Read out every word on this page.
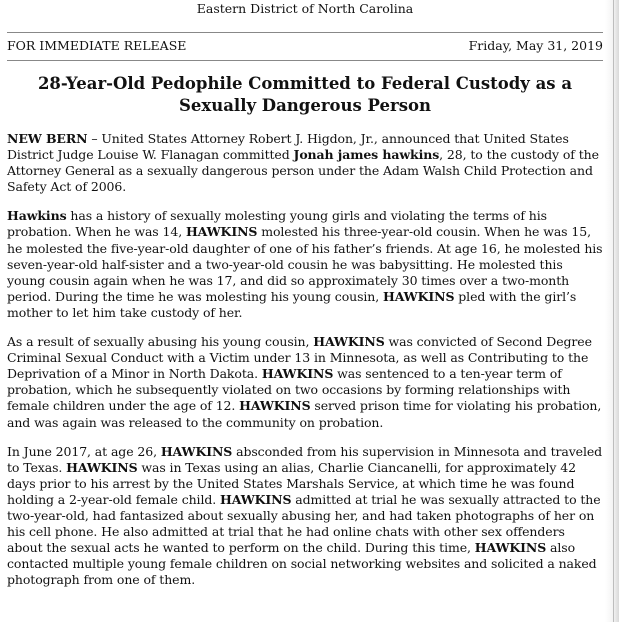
Eastern District of North Carolina
FOR IMMEDIATE RELEASE	Friday, May 31, 2019
28-Year-Old Pedophile Committed to Federal Custody as a Sexually Dangerous Person
NEW BERN – United States Attorney Robert J. Higdon, Jr., announced that United States District Judge Louise W. Flanagan committed Jonah james hawkins, 28, to the custody of the Attorney General as a sexually dangerous person under the Adam Walsh Child Protection and Safety Act of 2006.
Hawkins has a history of sexually molesting young girls and violating the terms of his probation. When he was 14, HAWKINS molested his three-year-old cousin. When he was 15, he molested the five-year-old daughter of one of his father’s friends. At age 16, he molested his seven-year-old half-sister and a two-year-old cousin he was babysitting. He molested this young cousin again when he was 17, and did so approximately 30 times over a two-month period. During the time he was molesting his young cousin, HAWKINS pled with the girl’s mother to let him take custody of her.
As a result of sexually abusing his young cousin, HAWKINS was convicted of Second Degree Criminal Sexual Conduct with a Victim under 13 in Minnesota, as well as Contributing to the Deprivation of a Minor in North Dakota. HAWKINS was sentenced to a ten-year term of probation, which he subsequently violated on two occasions by forming relationships with female children under the age of 12. HAWKINS served prison time for violating his probation, and was again was released to the community on probation.
In June 2017, at age 26, HAWKINS absconded from his supervision in Minnesota and traveled to Texas. HAWKINS was in Texas using an alias, Charlie Ciancanelli, for approximately 42 days prior to his arrest by the United States Marshals Service, at which time he was found holding a 2-year-old female child. HAWKINS admitted at trial he was sexually attracted to the two-year-old, had fantasized about sexually abusing her, and had taken photographs of her on his cell phone. He also admitted at trial that he had online chats with other sex offenders about the sexual acts he wanted to perform on the child. During this time, HAWKINS also contacted multiple young female children on social networking websites and solicited a naked photograph from one of them.
